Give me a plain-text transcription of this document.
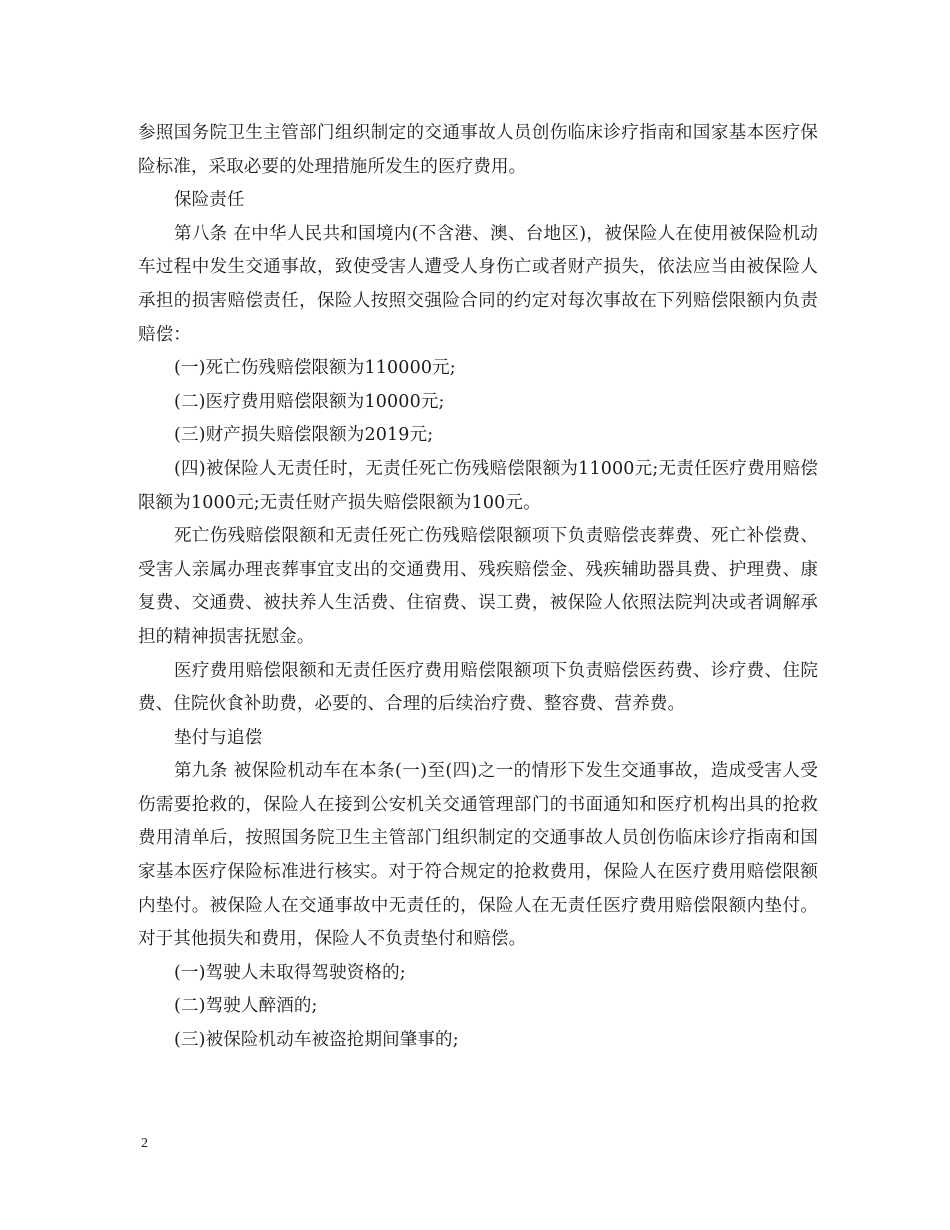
参照国务院卫生主管部门组织制定的交通事故人员创伤临床诊疗指南和国家基本医疗保险标准，采取必要的处理措施所发生的医疗费用。

保险责任

第八条 在中华人民共和国境内(不含港、澳、台地区)，被保险人在使用被保险机动车过程中发生交通事故，致使受害人遭受人身伤亡或者财产损失，依法应当由被保险人承担的损害赔偿责任，保险人按照交强险合同的约定对每次事故在下列赔偿限额内负责赔偿：

(一)死亡伤残赔偿限额为110000元;

(二)医疗费用赔偿限额为10000元;

(三)财产损失赔偿限额为2019元;

(四)被保险人无责任时，无责任死亡伤残赔偿限额为11000元;无责任医疗费用赔偿限额为1000元;无责任财产损失赔偿限额为100元。

死亡伤残赔偿限额和无责任死亡伤残赔偿限额项下负责赔偿丧葬费、死亡补偿费、受害人亲属办理丧葬事宜支出的交通费用、残疾赔偿金、残疾辅助器具费、护理费、康复费、交通费、被扶养人生活费、住宿费、误工费，被保险人依照法院判决或者调解承担的精神损害抚慰金。

医疗费用赔偿限额和无责任医疗费用赔偿限额项下负责赔偿医药费、诊疗费、住院费、住院伙食补助费，必要的、合理的后续治疗费、整容费、营养费。

垫付与追偿

第九条 被保险机动车在本条(一)至(四)之一的情形下发生交通事故，造成受害人受伤需要抢救的，保险人在接到公安机关交通管理部门的书面通知和医疗机构出具的抢救费用清单后，按照国务院卫生主管部门组织制定的交通事故人员创伤临床诊疗指南和国家基本医疗保险标准进行核实。对于符合规定的抢救费用，保险人在医疗费用赔偿限额内垫付。被保险人在交通事故中无责任的，保险人在无责任医疗费用赔偿限额内垫付。对于其他损失和费用，保险人不负责垫付和赔偿。

(一)驾驶人未取得驾驶资格的;

(二)驾驶人醉酒的;

(三)被保险机动车被盗抢期间肇事的;

2
